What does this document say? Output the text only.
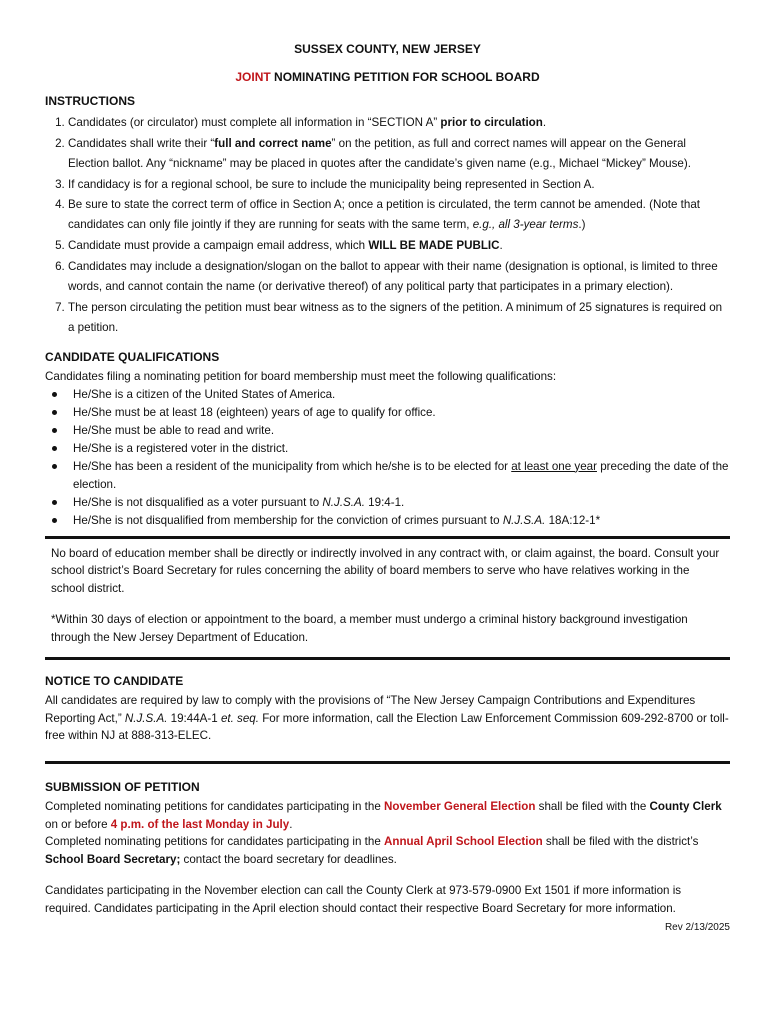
SUSSEX COUNTY, NEW JERSEY

JOINT NOMINATING PETITION FOR SCHOOL BOARD

INSTRUCTIONS
1. Candidates (or circulator) must complete all information in “SECTION A” prior to circulation.
2. Candidates shall write their “full and correct name” on the petition, as full and correct names will appear on the General Election ballot. Any “nickname” may be placed in quotes after the candidate’s given name (e.g., Michael “Mickey” Mouse).
3. If candidacy is for a regional school, be sure to include the municipality being represented in Section A.
4. Be sure to state the correct term of office in Section A; once a petition is circulated, the term cannot be amended. (Note that candidates can only file jointly if they are running for seats with the same term, e.g., all 3-year terms.)
5. Candidate must provide a campaign email address, which WILL BE MADE PUBLIC.
6. Candidates may include a designation/slogan on the ballot to appear with their name (designation is optional, is limited to three words, and cannot contain the name (or derivative thereof) of any political party that participates in a primary election).
7. The person circulating the petition must bear witness as to the signers of the petition. A minimum of 25 signatures is required on a petition.
CANDIDATE QUALIFICATIONS

Candidates filing a nominating petition for board membership must meet the following qualifications:

He/She is a citizen of the United States of America.
He/She must be at least 18 (eighteen) years of age to qualify for office.
He/She must be able to read and write.
He/She is a registered voter in the district.
He/She has been a resident of the municipality from which he/she is to be elected for at least one year preceding the date of the election.
He/She is not disqualified as a voter pursuant to N.J.S.A. 19:4-1.
He/She is not disqualified from membership for the conviction of crimes pursuant to N.J.S.A. 18A:12-1*

No board of education member shall be directly or indirectly involved in any contract with, or claim against, the board. Consult your school district’s Board Secretary for rules concerning the ability of board members to serve who have relatives working in the school district.

*Within 30 days of election or appointment to the board, a member must undergo a criminal history background investigation through the New Jersey Department of Education.

NOTICE TO CANDIDATE

All candidates are required by law to comply with the provisions of “The New Jersey Campaign Contributions and Expenditures Reporting Act,” N.J.S.A. 19:44A-1 et. seq. For more information, call the Election Law Enforcement Commission 609-292-8700 or toll-free within NJ at 888-313-ELEC.

SUBMISSION OF PETITION

Completed nominating petitions for candidates participating in the November General Election shall be filed with the County Clerk on or before 4 p.m. of the last Monday in July.

Completed nominating petitions for candidates participating in the Annual April School Election shall be filed with the district’s School Board Secretary; contact the board secretary for deadlines.

Candidates participating in the November election can call the County Clerk at 973-579-0900 Ext 1501 if more information is required. Candidates participating in the April election should contact their respective Board Secretary for more information.

Rev 2/13/2025
